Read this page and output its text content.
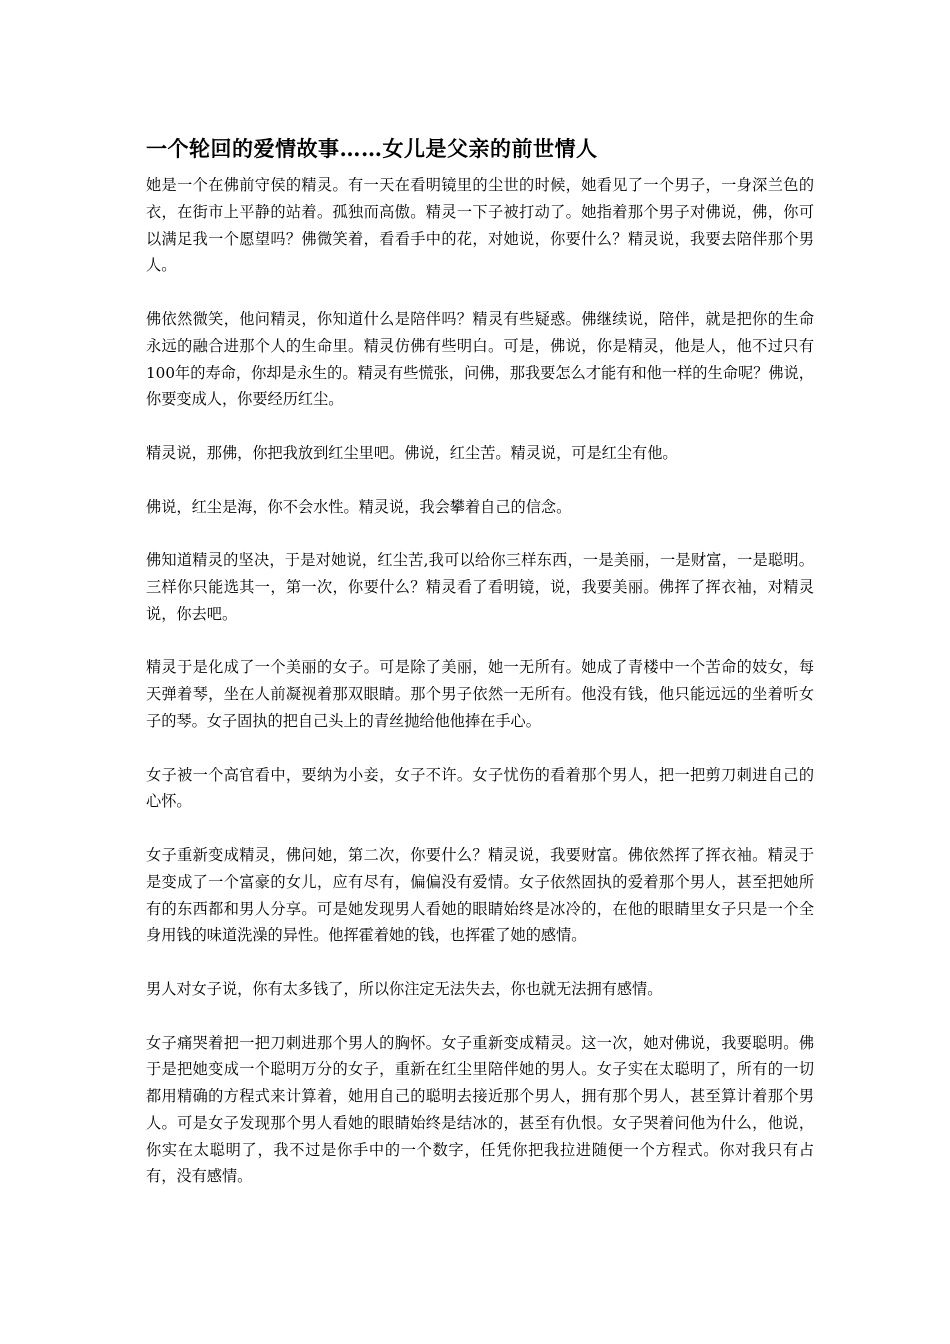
一个轮回的爱情故事……女儿是父亲的前世情人

她是一个在佛前守侯的精灵。有一天在看明镜里的尘世的时候，她看见了一个男子，一身深兰色的衣，在街市上平静的站着。孤独而高傲。精灵一下子被打动了。她指着那个男子对佛说，佛，你可以满足我一个愿望吗？佛微笑着，看看手中的花，对她说，你要什么？精灵说，我要去陪伴那个男人。

佛依然微笑，他问精灵，你知道什么是陪伴吗？精灵有些疑惑。佛继续说，陪伴，就是把你的生命永远的融合进那个人的生命里。精灵仿佛有些明白。可是，佛说，你是精灵，他是人，他不过只有100年的寿命，你却是永生的。精灵有些慌张，问佛，那我要怎么才能有和他一样的生命呢？佛说，你要变成人，你要经历红尘。

精灵说，那佛，你把我放到红尘里吧。佛说，红尘苦。精灵说，可是红尘有他。

佛说，红尘是海，你不会水性。精灵说，我会攀着自己的信念。

佛知道精灵的坚决，于是对她说，红尘苦,我可以给你三样东西，一是美丽，一是财富，一是聪明。三样你只能选其一，第一次，你要什么？精灵看了看明镜，说，我要美丽。佛挥了挥衣袖，对精灵说，你去吧。

精灵于是化成了一个美丽的女子。可是除了美丽，她一无所有。她成了青楼中一个苦命的妓女，每天弹着琴，坐在人前凝视着那双眼睛。那个男子依然一无所有。他没有钱，他只能远远的坐着听女子的琴。女子固执的把自己头上的青丝抛给他他捧在手心。

女子被一个高官看中，要纳为小妾，女子不许。女子忧伤的看着那个男人，把一把剪刀刺进自己的心怀。

女子重新变成精灵，佛问她，第二次，你要什么？精灵说，我要财富。佛依然挥了挥衣袖。精灵于是变成了一个富豪的女儿，应有尽有，偏偏没有爱情。女子依然固执的爱着那个男人，甚至把她所有的东西都和男人分享。可是她发现男人看她的眼睛始终是冰冷的，在他的眼睛里女子只是一个全身用钱的味道洗澡的异性。他挥霍着她的钱，也挥霍了她的感情。

男人对女子说，你有太多钱了，所以你注定无法失去，你也就无法拥有感情。

女子痛哭着把一把刀刺进那个男人的胸怀。女子重新变成精灵。这一次，她对佛说，我要聪明。佛于是把她变成一个聪明万分的女子，重新在红尘里陪伴她的男人。女子实在太聪明了，所有的一切都用精确的方程式来计算着，她用自己的聪明去接近那个男人，拥有那个男人，甚至算计着那个男人。可是女子发现那个男人看她的眼睛始终是结冰的，甚至有仇恨。女子哭着问他为什么，他说，你实在太聪明了，我不过是你手中的一个数字，任凭你把我拉进随便一个方程式。你对我只有占有，没有感情。
